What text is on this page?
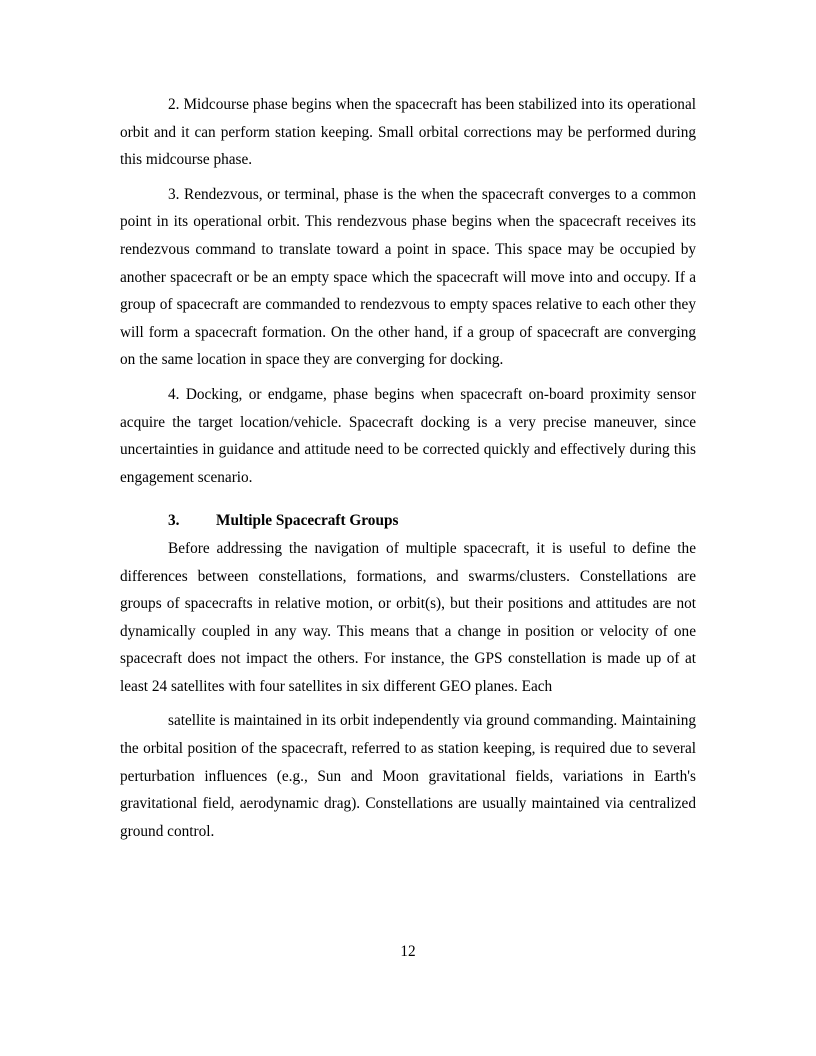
2. Midcourse phase begins when the spacecraft has been stabilized into its operational orbit and it can perform station keeping. Small orbital corrections may be performed during this midcourse phase.

3. Rendezvous, or terminal, phase is the when the spacecraft converges to a common point in its operational orbit. This rendezvous phase begins when the spacecraft receives its rendezvous command to translate toward a point in space. This space may be occupied by another spacecraft or be an empty space which the spacecraft will move into and occupy. If a group of spacecraft are commanded to rendezvous to empty spaces relative to each other they will form a spacecraft formation. On the other hand, if a group of spacecraft are converging on the same location in space they are converging for docking.

4. Docking, or endgame, phase begins when spacecraft on-board proximity sensor acquire the target location/vehicle. Spacecraft docking is a very precise maneuver, since uncertainties in guidance and attitude need to be corrected quickly and effectively during this engagement scenario.

3. Multiple Spacecraft Groups

Before addressing the navigation of multiple spacecraft, it is useful to define the differences between constellations, formations, and swarms/clusters. Constellations are groups of spacecrafts in relative motion, or orbit(s), but their positions and attitudes are not dynamically coupled in any way. This means that a change in position or velocity of one spacecraft does not impact the others. For instance, the GPS constellation is made up of at least 24 satellites with four satellites in six different GEO planes. Each

satellite is maintained in its orbit independently via ground commanding. Maintaining the orbital position of the spacecraft, referred to as station keeping, is required due to several perturbation influences (e.g., Sun and Moon gravitational fields, variations in Earth's gravitational field, aerodynamic drag). Constellations are usually maintained via centralized ground control.

12
